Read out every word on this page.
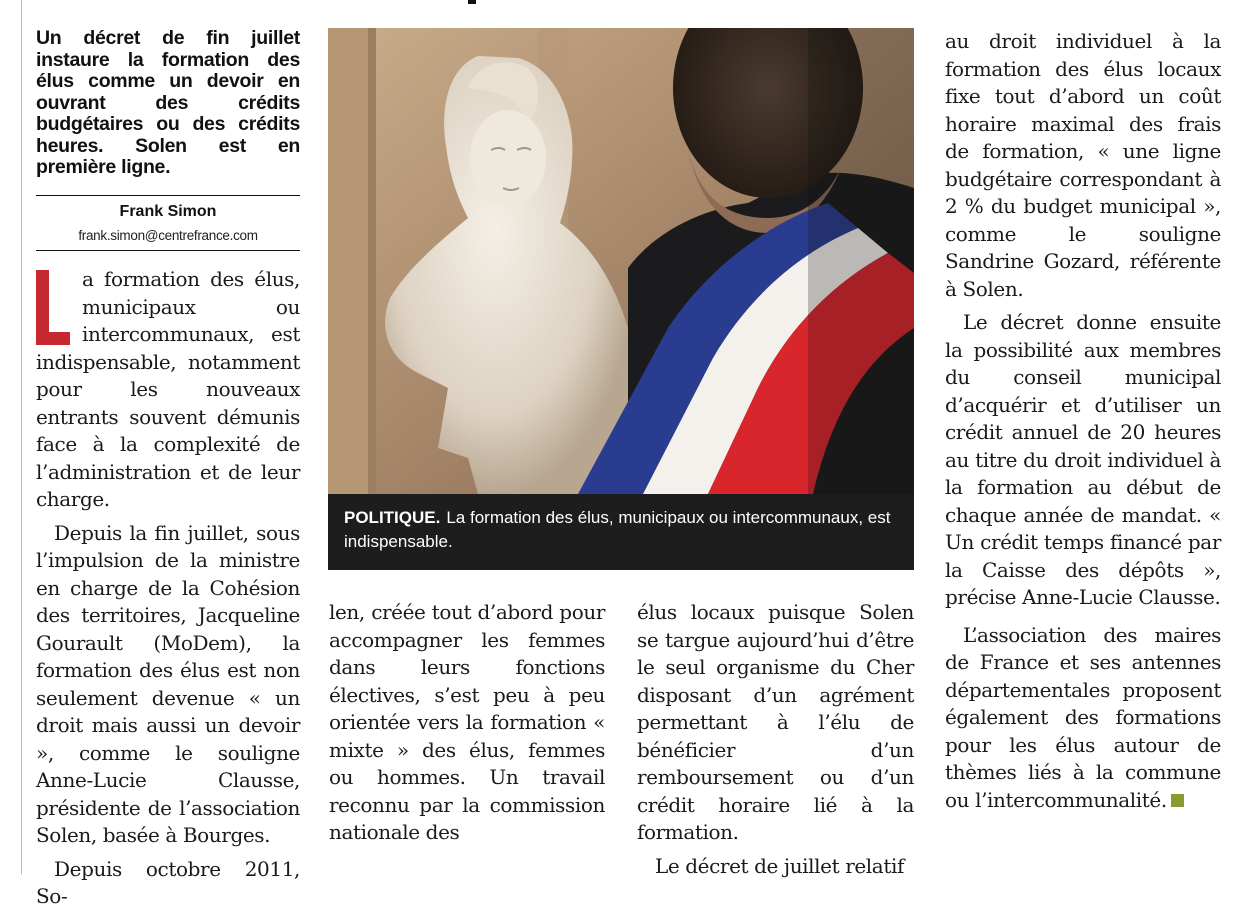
Un décret de fin juillet instaure la formation des élus comme un devoir en ouvrant des crédits budgétaires ou des crédits heures. Solen est en première ligne.
Frank Simon
frank.simon@centrefrance.com

a formation des élus, municipaux ou intercommunaux, est indispensable, notamment pour les nouveaux entrants souvent démunis face à la complexité de l’administration et de leur charge.

Depuis la fin juillet, sous l’impulsion de la ministre en charge de la Cohésion des territoires, Jacqueline Gourault (MoDem), la formation des élus est non seulement devenue « un droit mais aussi un devoir », comme le souligne Anne-Lucie Clausse, présidente de l’association Solen, basée à Bourges.

Depuis octobre 2011, So-

POLITIQUE. La formation des élus, municipaux ou intercommunaux, est indispensable.

len, créée tout d’abord pour accompagner les femmes dans leurs fonctions électives, s’est peu à peu orientée vers la formation « mixte » des élus, femmes ou hommes. Un travail reconnu par la commission nationale des

élus locaux puisque Solen se targue aujourd’hui d’être le seul organisme du Cher disposant d’un agrément permettant à l’élu de bénéficier d’un remboursement ou d’un crédit horaire lié à la formation.

Le décret de juillet relatif

au droit individuel à la formation des élus locaux fixe tout d’abord un coût horaire maximal des frais de formation, « une ligne budgétaire correspondant à 2 % du budget municipal », comme le souligne Sandrine Gozard, référente à Solen.

Le décret donne ensuite la possibilité aux membres du conseil municipal d’acquérir et d’utiliser un crédit annuel de 20 heures au titre du droit individuel à la formation au début de chaque année de mandat. « Un crédit temps financé par la Caisse des dépôts », précise Anne-Lucie Clausse.

L’association des maires de France et ses antennes départementales proposent également des formations pour les élus autour de thèmes liés à la commune ou l’intercommunalité.
